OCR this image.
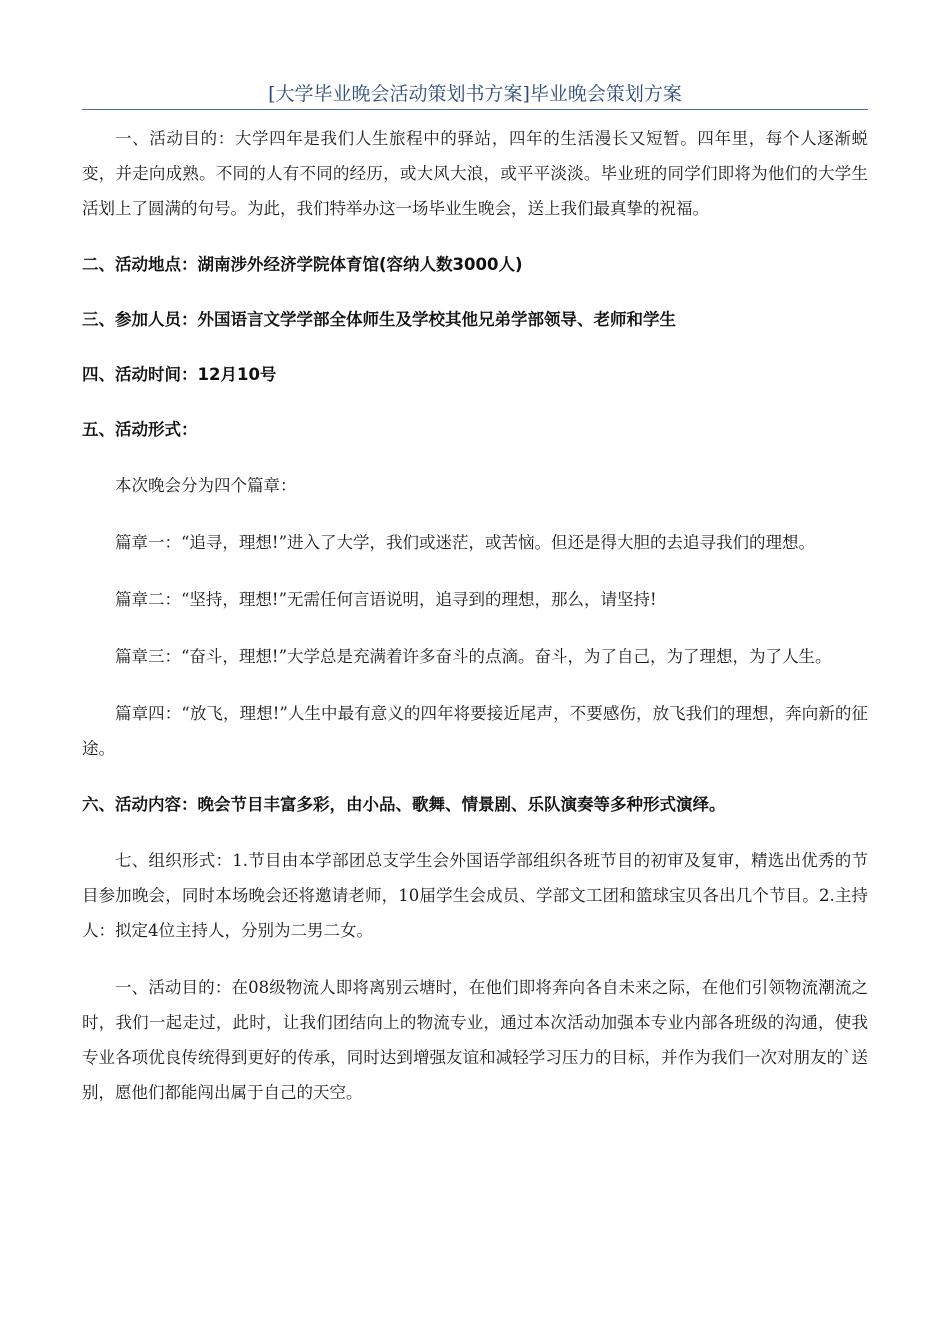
[大学毕业晚会活动策划书方案]毕业晚会策划方案

一、活动目的：大学四年是我们人生旅程中的驿站，四年的生活漫长又短暂。四年里，每个人逐渐蜕变，并走向成熟。不同的人有不同的经历，或大风大浪，或平平淡淡。毕业班的同学们即将为他们的大学生活划上了圆满的句号。为此，我们特举办这一场毕业生晚会，送上我们最真挚的祝福。

二、活动地点：湖南涉外经济学院体育馆(容纳人数3000人)

三、参加人员：外国语言文学学部全体师生及学校其他兄弟学部领导、老师和学生

四、活动时间：12月10号

五、活动形式：

本次晚会分为四个篇章：

篇章一：“追寻，理想!”进入了大学，我们或迷茫，或苦恼。但还是得大胆的去追寻我们的理想。

篇章二：“坚持，理想!”无需任何言语说明，追寻到的理想，那么，请坚持!

篇章三：“奋斗，理想!”大学总是充满着许多奋斗的点滴。奋斗，为了自己，为了理想，为了人生。

篇章四：“放飞，理想!”人生中最有意义的四年将要接近尾声，不要感伤，放飞我们的理想，奔向新的征途。

六、活动内容：晚会节目丰富多彩，由小品、歌舞、情景剧、乐队演奏等多种形式演绎。

七、组织形式：1.节目由本学部团总支学生会外国语学部组织各班节目的初审及复审，精选出优秀的节目参加晚会，同时本场晚会还将邀请老师，10届学生会成员、学部文工团和篮球宝贝各出几个节目。2.主持人：拟定4位主持人，分别为二男二女。

一、活动目的：在08级物流人即将离别云塘时，在他们即将奔向各自未来之际，在他们引领物流潮流之时，我们一起走过，此时，让我们团结向上的物流专业，通过本次活动加强本专业内部各班级的沟通，使我专业各项优良传统得到更好的传承，同时达到增强友谊和减轻学习压力的目标，并作为我们一次对朋友的`送别，愿他们都能闯出属于自己的天空。
